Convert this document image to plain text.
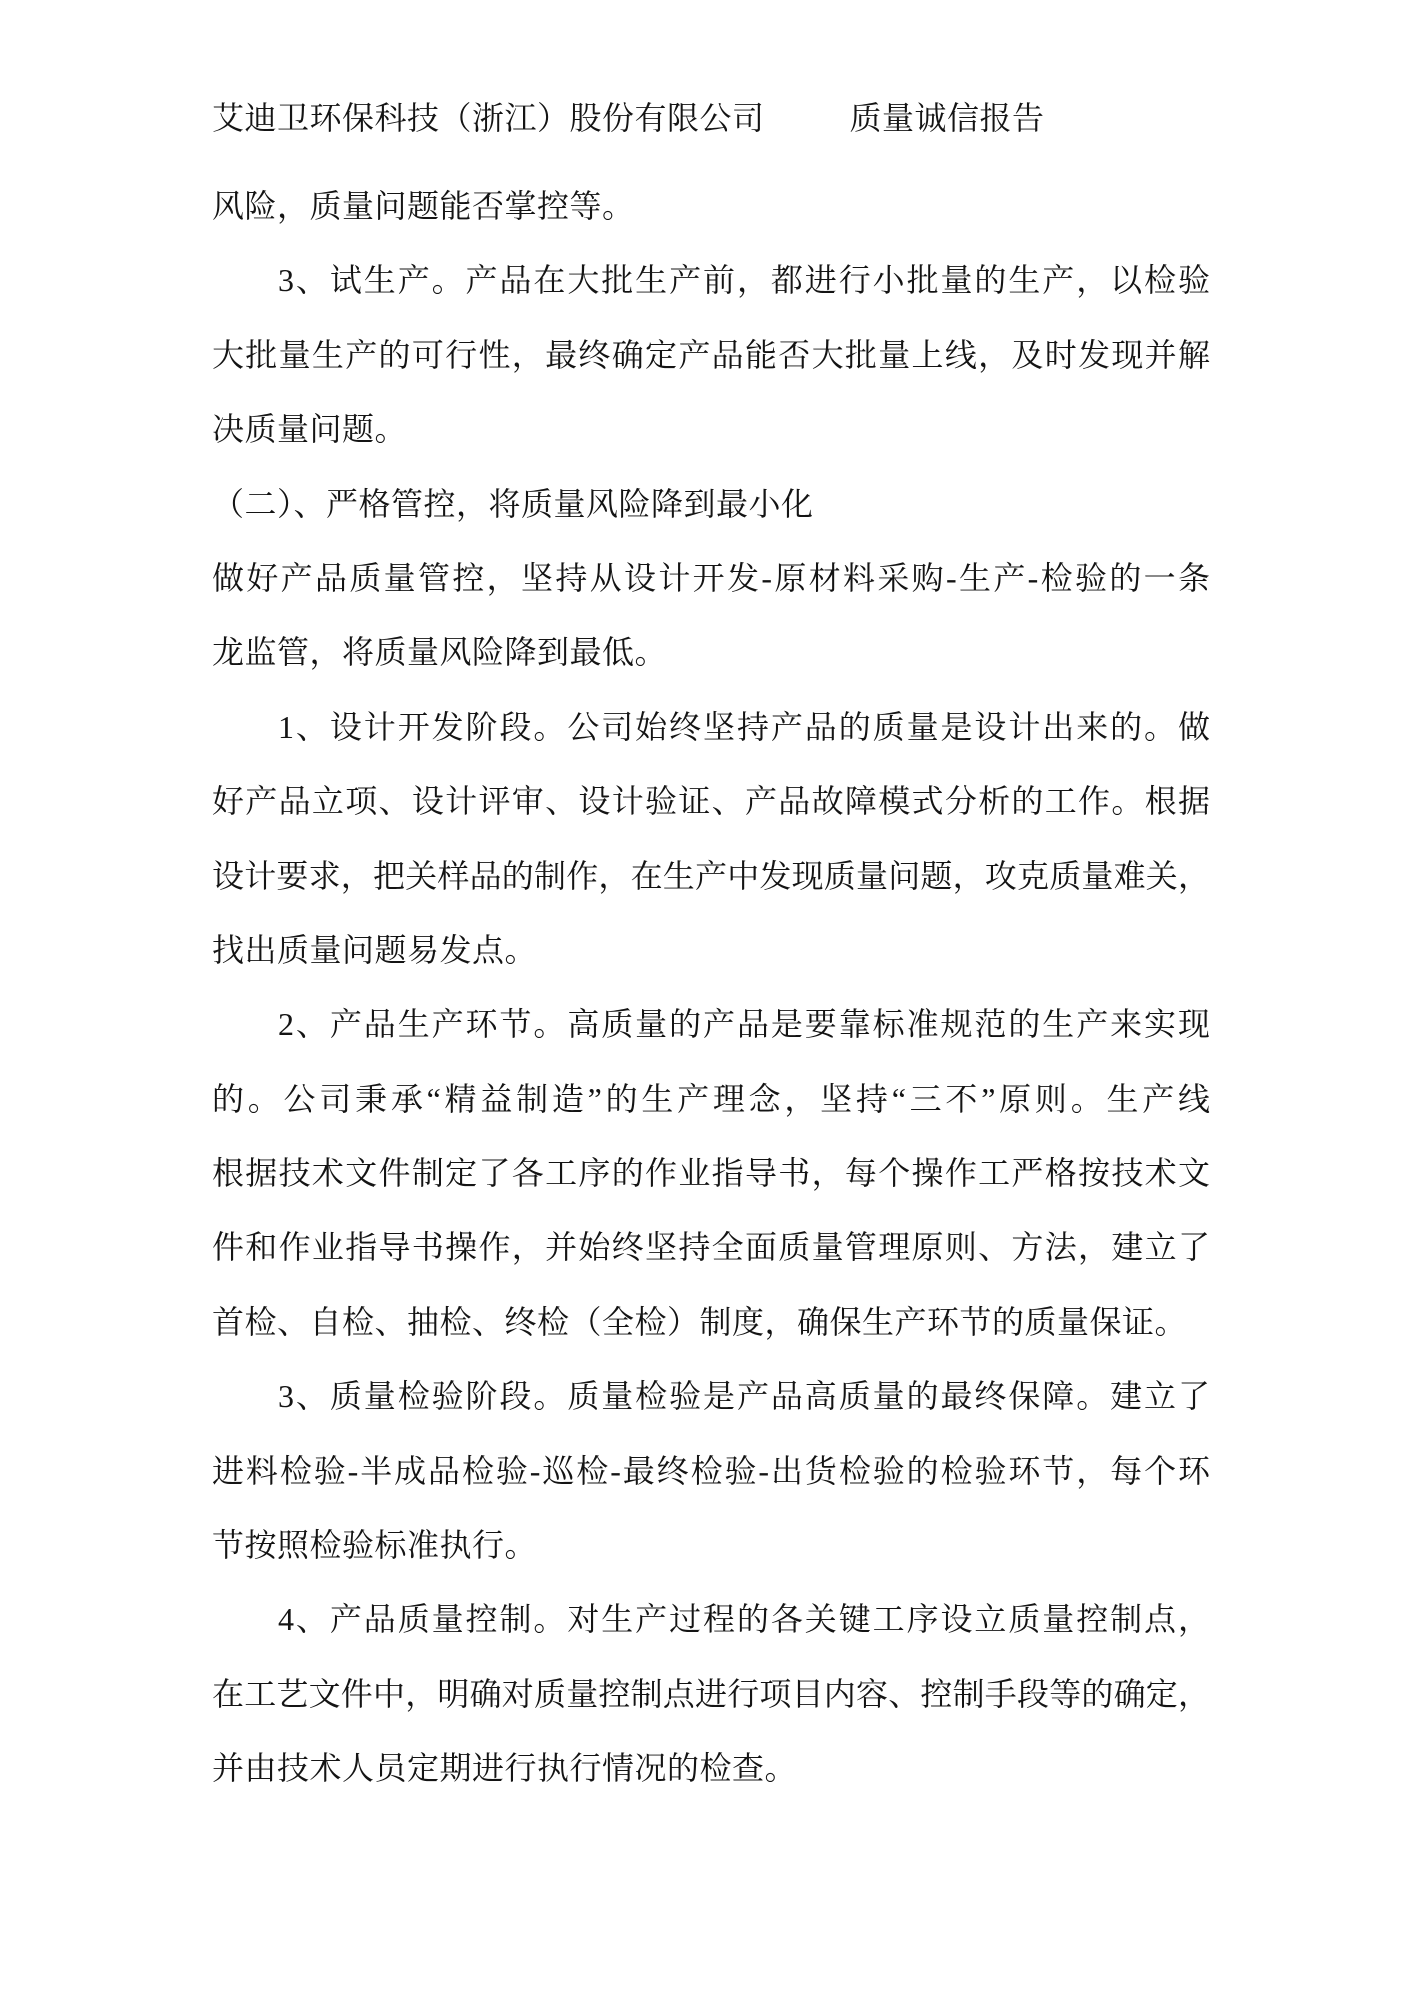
艾迪卫环保科技（浙江）股份有限公司	质量诚信报告
风险，质量问题能否掌控等。
3、试生产。产品在大批生产前，都进行小批量的生产，以检验
大批量生产的可行性，最终确定产品能否大批量上线，及时发现并解
决质量问题。
（二）、严格管控，将质量风险降到最小化
做好产品质量管控，坚持从设计开发-原材料采购-生产-检验的一条
龙监管，将质量风险降到最低。
1、设计开发阶段。公司始终坚持产品的质量是设计出来的。做
好产品立项、设计评审、设计验证、产品故障模式分析的工作。根据
设计要求，把关样品的制作，在生产中发现质量问题，攻克质量难关，
找出质量问题易发点。
2、产品生产环节。高质量的产品是要靠标准规范的生产来实现
的。公司秉承“精益制造”的生产理念，坚持“三不”原则。生产线
根据技术文件制定了各工序的作业指导书，每个操作工严格按技术文
件和作业指导书操作，并始终坚持全面质量管理原则、方法，建立了
首检、自检、抽检、终检（全检）制度，确保生产环节的质量保证。
3、质量检验阶段。质量检验是产品高质量的最终保障。建立了
进料检验-半成品检验-巡检-最终检验-出货检验的检验环节，每个环
节按照检验标准执行。
4、产品质量控制。对生产过程的各关键工序设立质量控制点，
在工艺文件中，明确对质量控制点进行项目内容、控制手段等的确定，
并由技术人员定期进行执行情况的检查。
